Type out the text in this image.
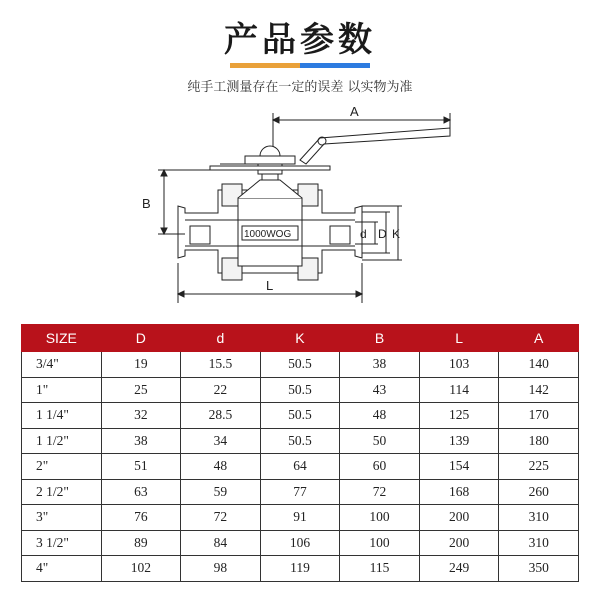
产品参数
纯手工测量存在一定的误差 以实物为准
A
1000WOG
B
d D K
L
SIZE	D	d	K	B	L	A
3/4"	19	15.5	50.5	38	103	140
1"	25	22	50.5	43	114	142
1 1/4"	32	28.5	50.5	48	125	170
1 1/2"	38	34	50.5	50	139	180
2"	51	48	64	60	154	225
2 1/2"	63	59	77	72	168	260
3"	76	72	91	100	200	310
3 1/2"	89	84	106	100	200	310
4"	102	98	119	115	249	350
